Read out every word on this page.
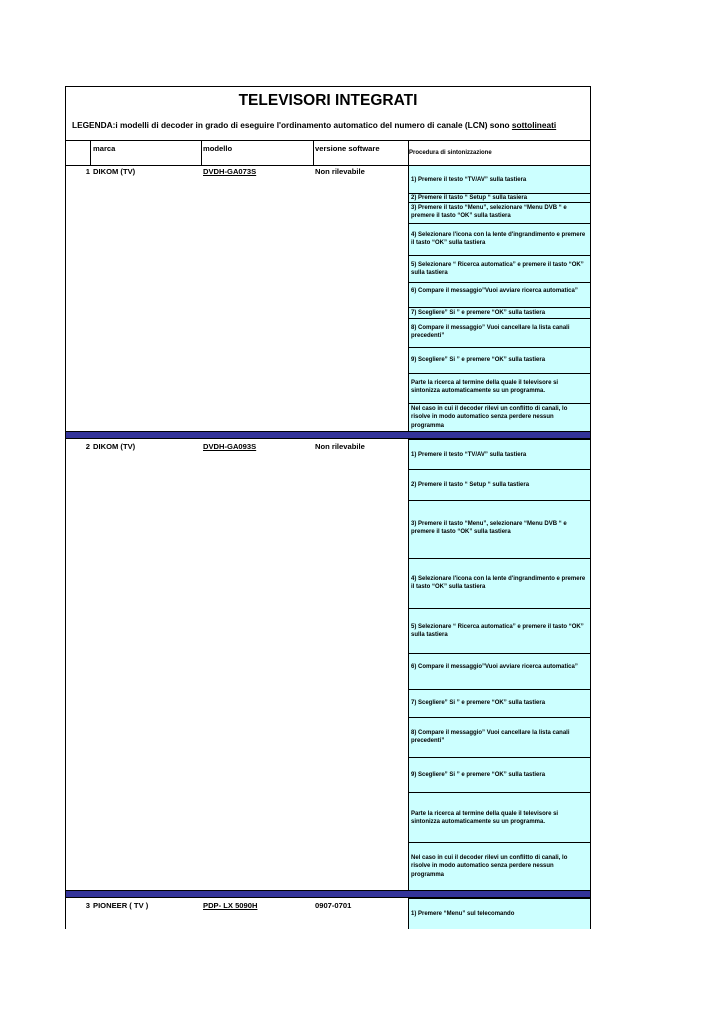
TELEVISORI INTEGRATI
LEGENDA:i modelli di decoder in grado di eseguire l'ordinamento automatico del numero di canale (LCN) sono sottolineati
marca	modello	versione software	Procedura di sintonizzazione
1 DIKOM (TV)	DVDH-GA073S	Non rilevabile
1) Premere il testo “TV/AV” sulla tastiera
2) Premere il tasto “ Setup “ sulla tasiera
3) Premere il tasto “Menu”, selezionare “Menu DVB “ e premere il tasto “OK” sulla tastiera
4) Selezionare l'icona con la lente d'ingrandimento e premere il tasto “OK” sulla tastiera
5) Selezionare “ Ricerca automatica” e premere il tasto “OK” sulla tastiera
6) Compare il messaggio”Vuoi avviare ricerca automatica”
7) Scegliere” Si ” e premere “OK” sulla tastiera
8) Compare il messaggio” Vuoi cancellare la lista canali precedenti”
9) Scegliere” Si ” e premere “OK” sulla tastiera
Parte la ricerca al termine della quale il televisore si sintonizza automaticamente su un programma.
Nel caso in cui il decoder rilevi un conflitto di canali, lo risolve in modo automatico senza perdere nessun programma
2 DIKOM (TV)	DVDH-GA093S	Non rilevabile
1) Premere il testo “TV/AV” sulla tastiera
2) Premere il tasto “ Setup “ sulla tastiera
3) Premere il tasto “Menu”, selezionare “Menu DVB “ e premere il tasto “OK” sulla tastiera
4) Selezionare l'icona con la lente d'ingrandimento e premere il tasto “OK” sulla tastiera
5) Selezionare “ Ricerca automatica” e premere il tasto “OK” sulla tastiera
6) Compare il messaggio”Vuoi avviare ricerca automatica”
7) Scegliere” Si ” e premere “OK” sulla tastiera
8) Compare il messaggio” Vuoi cancellare la lista canali precedenti”
9) Scegliere” Si ” e premere “OK” sulla tastiera
Parte la ricerca al termine della quale il televisore si sintonizza automaticamente su un programma.
Nel caso in cui il decoder rilevi un conflitto di canali, lo risolve in modo automatico senza perdere nessun programma
3 PIONEER ( TV )	PDP- LX 5090H	0907-0701
1) Premere “Menu” sul telecomando
